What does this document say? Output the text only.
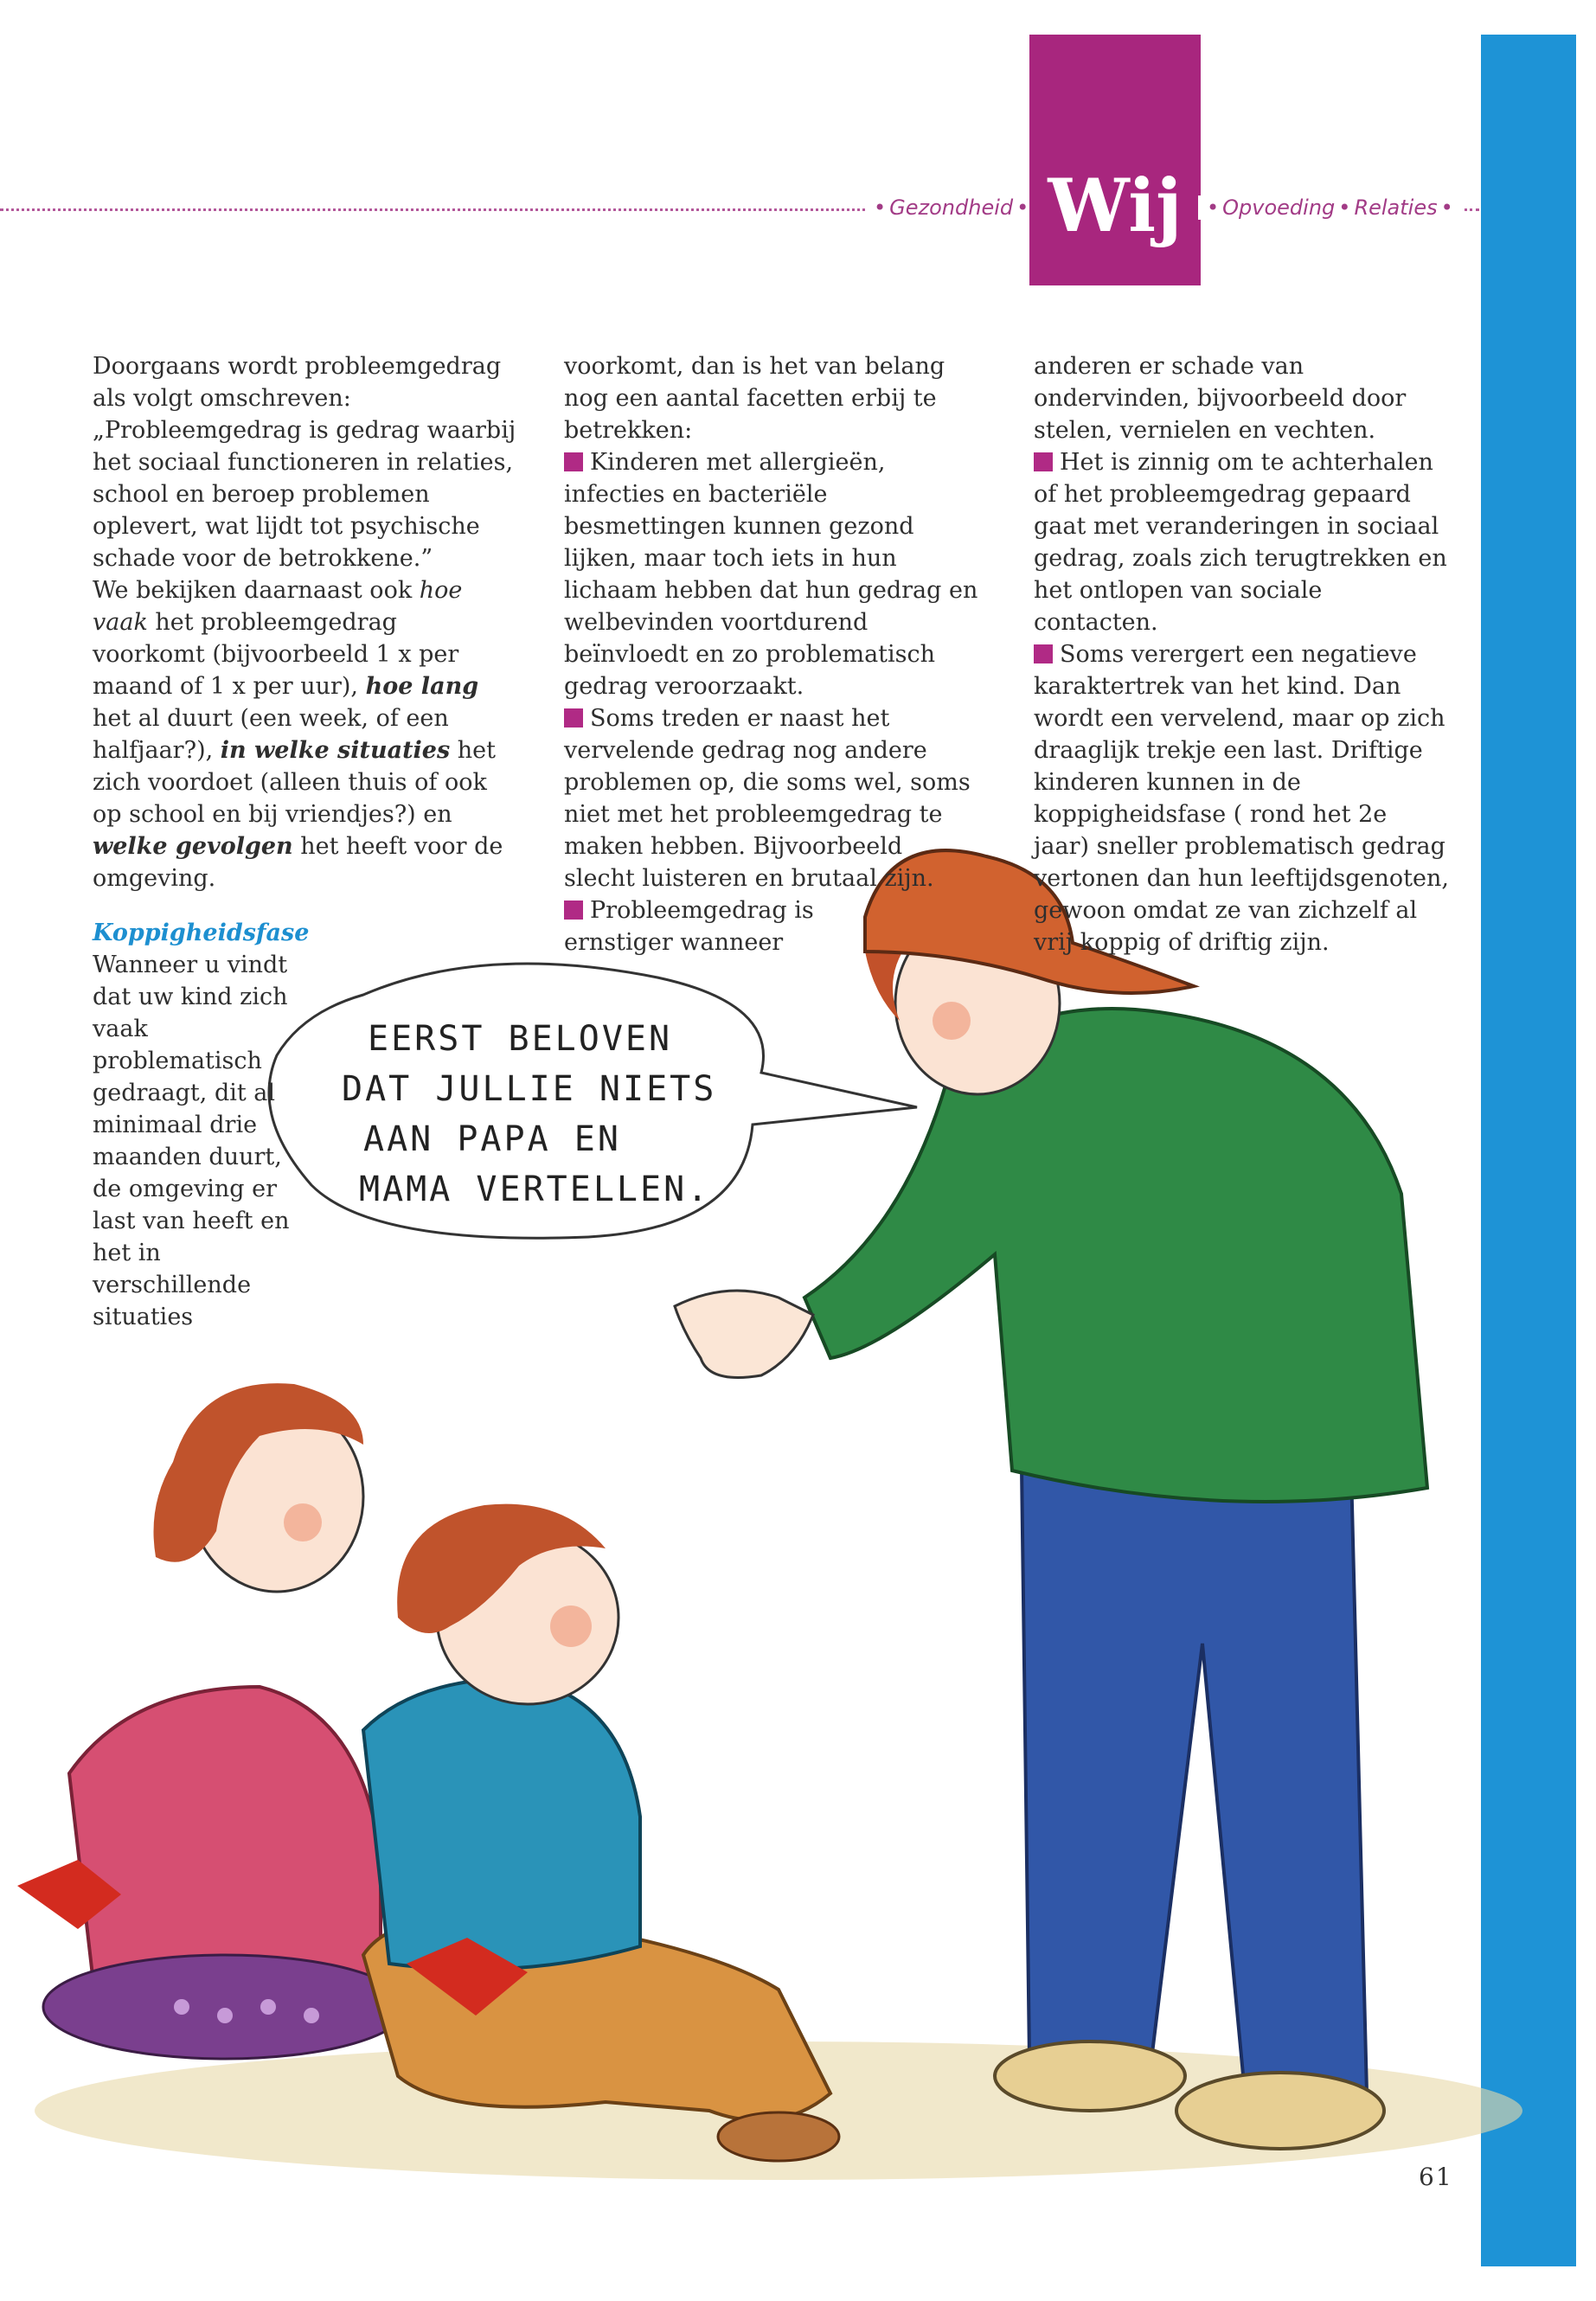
• Gezondheid • Wij	• Opvoeding • Relaties •
EERST BELOVEN
DAT JULLIE NIETS
AAN PAPA EN
MAMA VERTELLEN.

Doorgaans wordt probleemgedrag als volgt omschreven:

„Probleemgedrag is gedrag waarbij het sociaal functioneren in relaties, school en beroep problemen oplevert, wat lijdt tot psychische schade voor de betrokkene.”

We bekijken daarnaast ook hoe vaak het probleemgedrag voorkomt (bijvoorbeeld 1 x per maand of 1 x per uur), hoe lang het al duurt (een week, of een halfjaar?), in welke situaties het zich voordoet (alleen thuis of ook op school en bij vriendjes?) en welke gevolgen het heeft voor de omgeving.

Koppigheidsfase

Wanneer u vindt dat uw kind zich vaak problematisch gedraagt, dit al minimaal drie maanden duurt, de omgeving er last van heeft en het in verschillende situaties

voorkomt, dan is het van belang nog een aantal facetten erbij te betrekken:

Kinderen met allergieën, infecties en bacteriële besmettingen kunnen gezond lijken, maar toch iets in hun lichaam hebben dat hun gedrag en welbevinden voortdurend beïnvloedt en zo problematisch gedrag veroorzaakt.

Soms treden er naast het vervelende gedrag nog andere problemen op, die soms wel, soms niet met het probleemgedrag te maken hebben. Bijvoorbeeld slecht luisteren en brutaal zijn.

Probleemgedrag is ernstiger wanneer

anderen er schade van ondervinden, bijvoorbeeld door stelen, vernielen en vechten.

Het is zinnig om te achterhalen of het probleemgedrag gepaard gaat met veranderingen in sociaal gedrag, zoals zich terugtrekken en het ontlopen van sociale contacten.

Soms verergert een negatieve karaktertrek van het kind. Dan wordt een vervelend, maar op zich draaglijk trekje een last. Driftige kinderen kunnen in de koppigheidsfase ( rond het 2e jaar) sneller problematisch gedrag vertonen dan hun leeftijdsgenoten, gewoon omdat ze van zichzelf al vrij koppig of driftig zijn.

61
